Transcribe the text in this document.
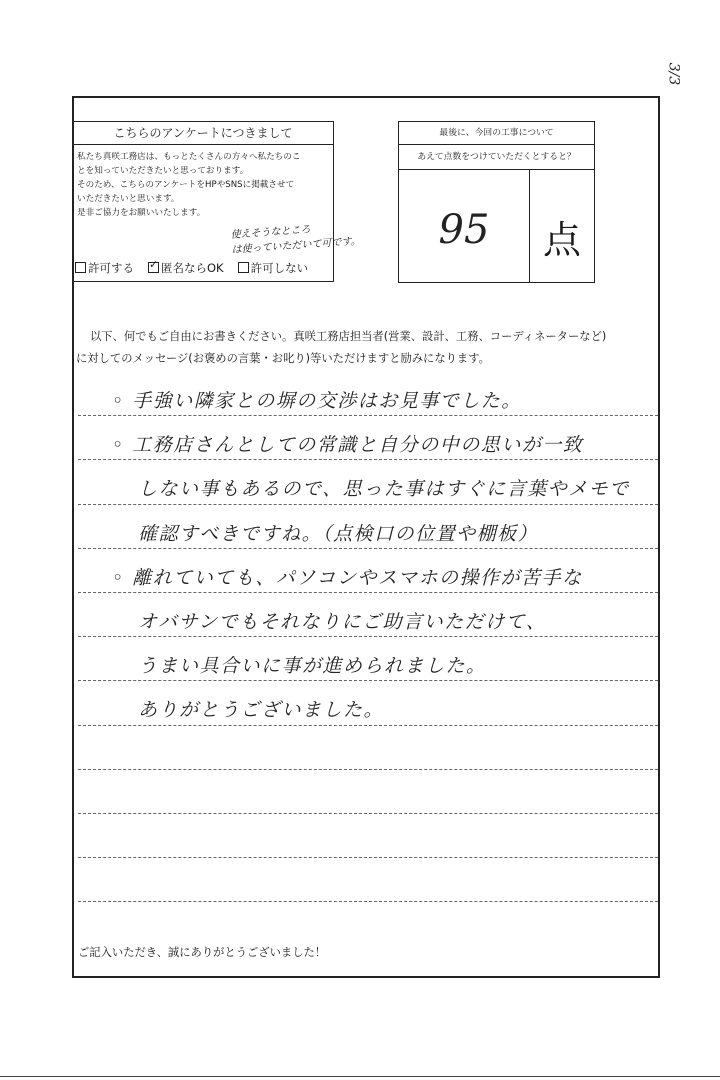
3/3
こちらのアンケートにつきまして
私たち真咲工務店は、もっとたくさんの方々へ私たちのこ
とを知っていただきたいと思っております。
そのため、こちらのアンケートをHPやSNSに掲載させて
いただきたいと思います。
是非ご協力をお願いいたします。
使えそうなところ
は使っていただいて可です。
許可する
✓	匿名ならOK	許可しない
最後に、今回の工事について
あえて点数をつけていただくとすると？
95	点
以下、何でもご自由にお書きください。真咲工務店担当者(営業、設計、工務、コーディネーターなど)
に対してのメッセージ(お褒めの言葉・お叱り)等いただけますと励みになります。
◦ 手強い隣家との塀の交渉はお見事でした。
◦ 工務店さんとしての常識と自分の中の思いが一致
しない事もあるので、思った事はすぐに言葉やメモで
確認すべきですね。（点検口の位置や棚板）
◦ 離れていても、パソコンやスマホの操作が苦手な
オバサンでもそれなりにご助言いただけて、
うまい具合いに事が進められました。
ありがとうございました。
ご記入いただき、誠にありがとうございました！
